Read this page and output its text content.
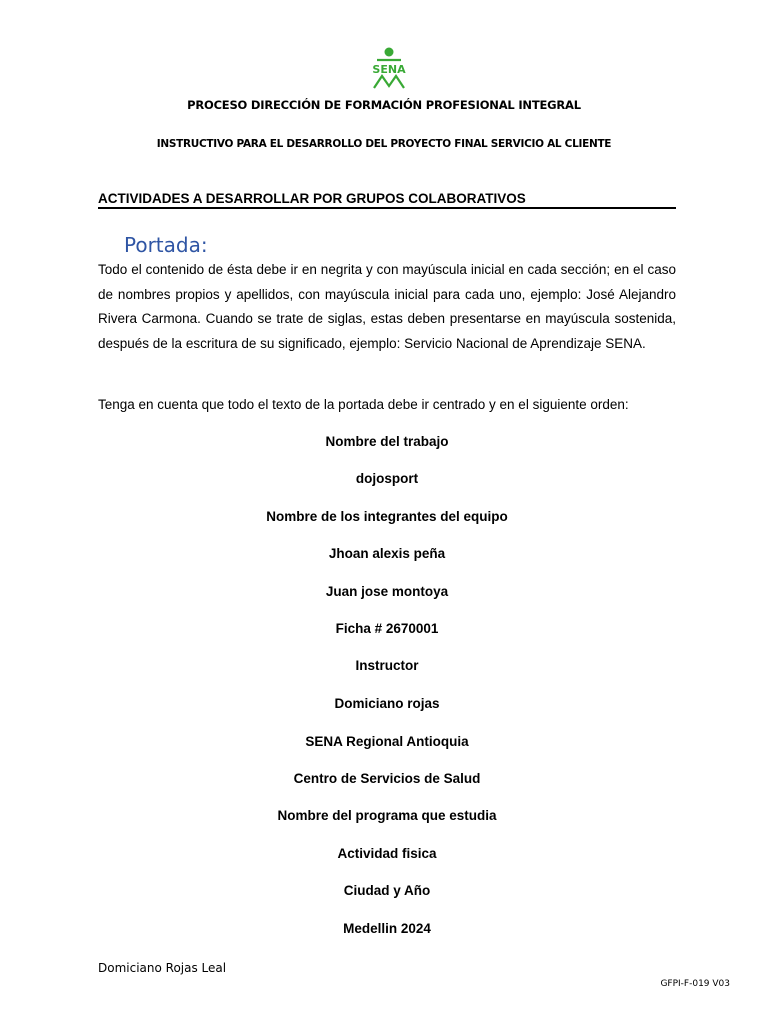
SENA
PROCESO DIRECCIÓN DE FORMACIÓN PROFESIONAL INTEGRAL
INSTRUCTIVO PARA EL DESARROLLO DEL PROYECTO FINAL SERVICIO AL CLIENTE
ACTIVIDADES A DESARROLLAR POR GRUPOS COLABORATIVOS
Portada:

Todo el contenido de ésta debe ir en negrita y con mayúscula inicial en cada sección; en el caso de nombres propios y apellidos, con mayúscula inicial para cada uno, ejemplo: José Alejandro Rivera Carmona. Cuando se trate de siglas, estas deben presentarse en mayúscula sostenida, después de la escritura de su significado, ejemplo: Servicio Nacional de Aprendizaje SENA.

Tenga en cuenta que todo el texto de la portada debe ir centrado y en el siguiente orden:

Nombre del trabajo
dojosport
Nombre de los integrantes del equipo
Jhoan alexis peña
Juan jose montoya
Ficha # 2670001
Instructor
Domiciano rojas
SENA Regional Antioquia
Centro de Servicios de Salud
Nombre del programa que estudia
Actividad fisica
Ciudad y Año
Medellin 2024
Domiciano Rojas Leal
GFPI-F-019 V03
